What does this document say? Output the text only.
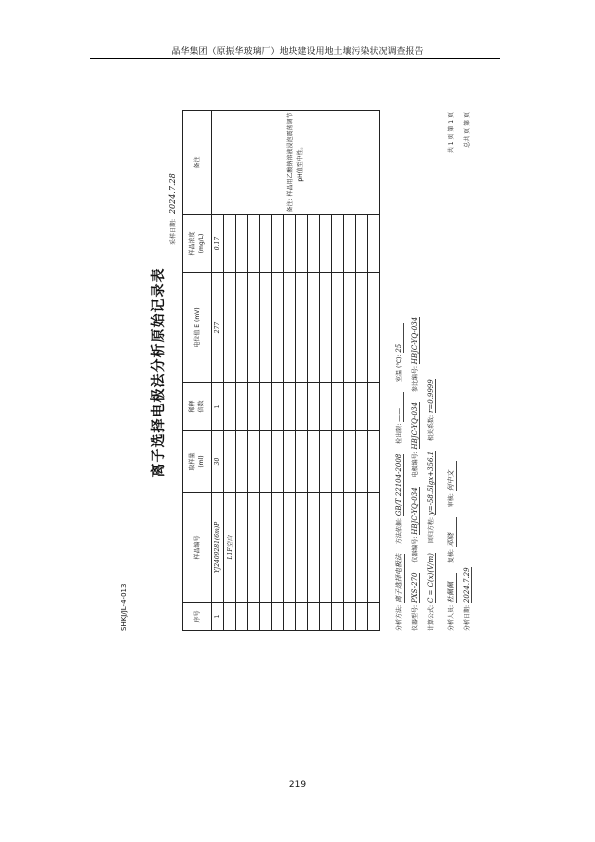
晶华集团（原振华玻璃厂）地块建设用地土壤污染状况调查报告
SHKJ/JL-4-013
离子选择电极法分析原始记录表
采样日期: 2024.7.28
序号	样品编号	取样量 (ml)	稀释 倍数	电位值 E (mV)	样品浓度 (mg/L)	备注
1	YJ2409281(6m)P	30	1	277	0.17	备注: 样品用乙酸钠溶液浸泡震荡调节pH值至中性。
	L1F空白					

分析方法: 离子选择电极法 方法依据: GB/T 22104-2008 检出限: —— 室温 (℃): 25
仪器型号: PXS-270 仪器编号: HBJC-YQ-034 电极编号: HBJC-YQ-034 参比编号: HBJC-YQ-034
计算公式: C = C(x)(V/m) 回归方程: y=-58.5lgx+356.1 相关系数: r=0.9999
分析人员: 杜佩佩 复核: 邓晓 审核: 何中文
分析日期: 2024.7.29
共 1 页 第 1 页	总共 页 第 页
219
